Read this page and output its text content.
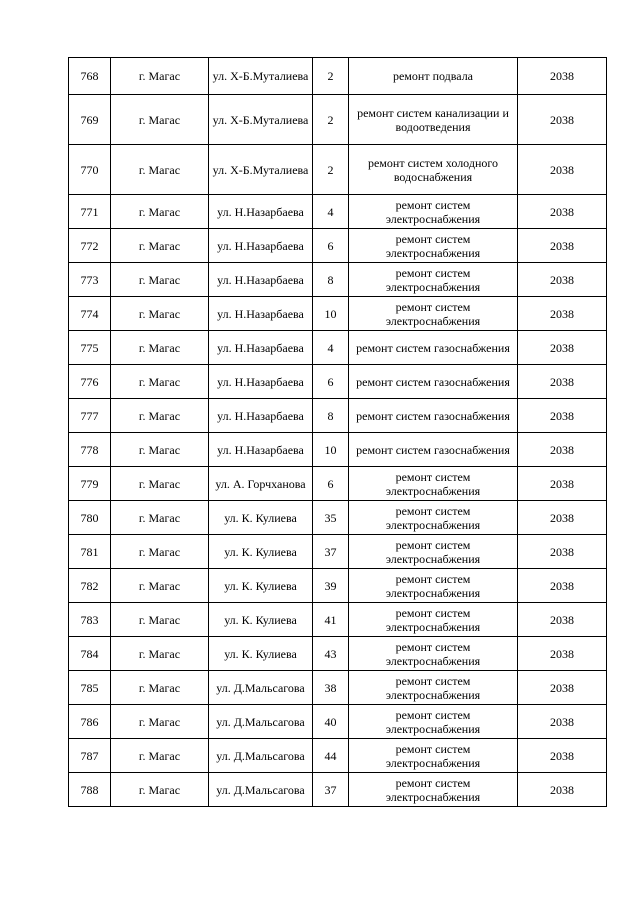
768	г. Магас	ул. Х-Б.Муталиева	2	ремонт подвала	2038
769	г. Магас	ул. Х-Б.Муталиева	2	ремонт систем канализации и водоотведения	2038
770	г. Магас	ул. Х-Б.Муталиева	2	ремонт систем холодного водоснабжения	2038
771	г. Магас	ул. Н.Назарбаева	4	ремонт систем электроснабжения	2038
772	г. Магас	ул. Н.Назарбаева	6	ремонт систем электроснабжения	2038
773	г. Магас	ул. Н.Назарбаева	8	ремонт систем электроснабжения	2038
774	г. Магас	ул. Н.Назарбаева	10	ремонт систем электроснабжения	2038
775	г. Магас	ул. Н.Назарбаева	4	ремонт систем газоснабжения	2038
776	г. Магас	ул. Н.Назарбаева	6	ремонт систем газоснабжения	2038
777	г. Магас	ул. Н.Назарбаева	8	ремонт систем газоснабжения	2038
778	г. Магас	ул. Н.Назарбаева	10	ремонт систем газоснабжения	2038
779	г. Магас	ул. А. Горчханова	6	ремонт систем электроснабжения	2038
780	г. Магас	ул. К. Кулиева	35	ремонт систем электроснабжения	2038
781	г. Магас	ул. К. Кулиева	37	ремонт систем электроснабжения	2038
782	г. Магас	ул. К. Кулиева	39	ремонт систем электроснабжения	2038
783	г. Магас	ул. К. Кулиева	41	ремонт систем электроснабжения	2038
784	г. Магас	ул. К. Кулиева	43	ремонт систем электроснабжения	2038
785	г. Магас	ул. Д.Мальсагова	38	ремонт систем электроснабжения	2038
786	г. Магас	ул. Д.Мальсагова	40	ремонт систем электроснабжения	2038
787	г. Магас	ул. Д.Мальсагова	44	ремонт систем электроснабжения	2038
788	г. Магас	ул. Д.Мальсагова	37	ремонт систем электроснабжения	2038
